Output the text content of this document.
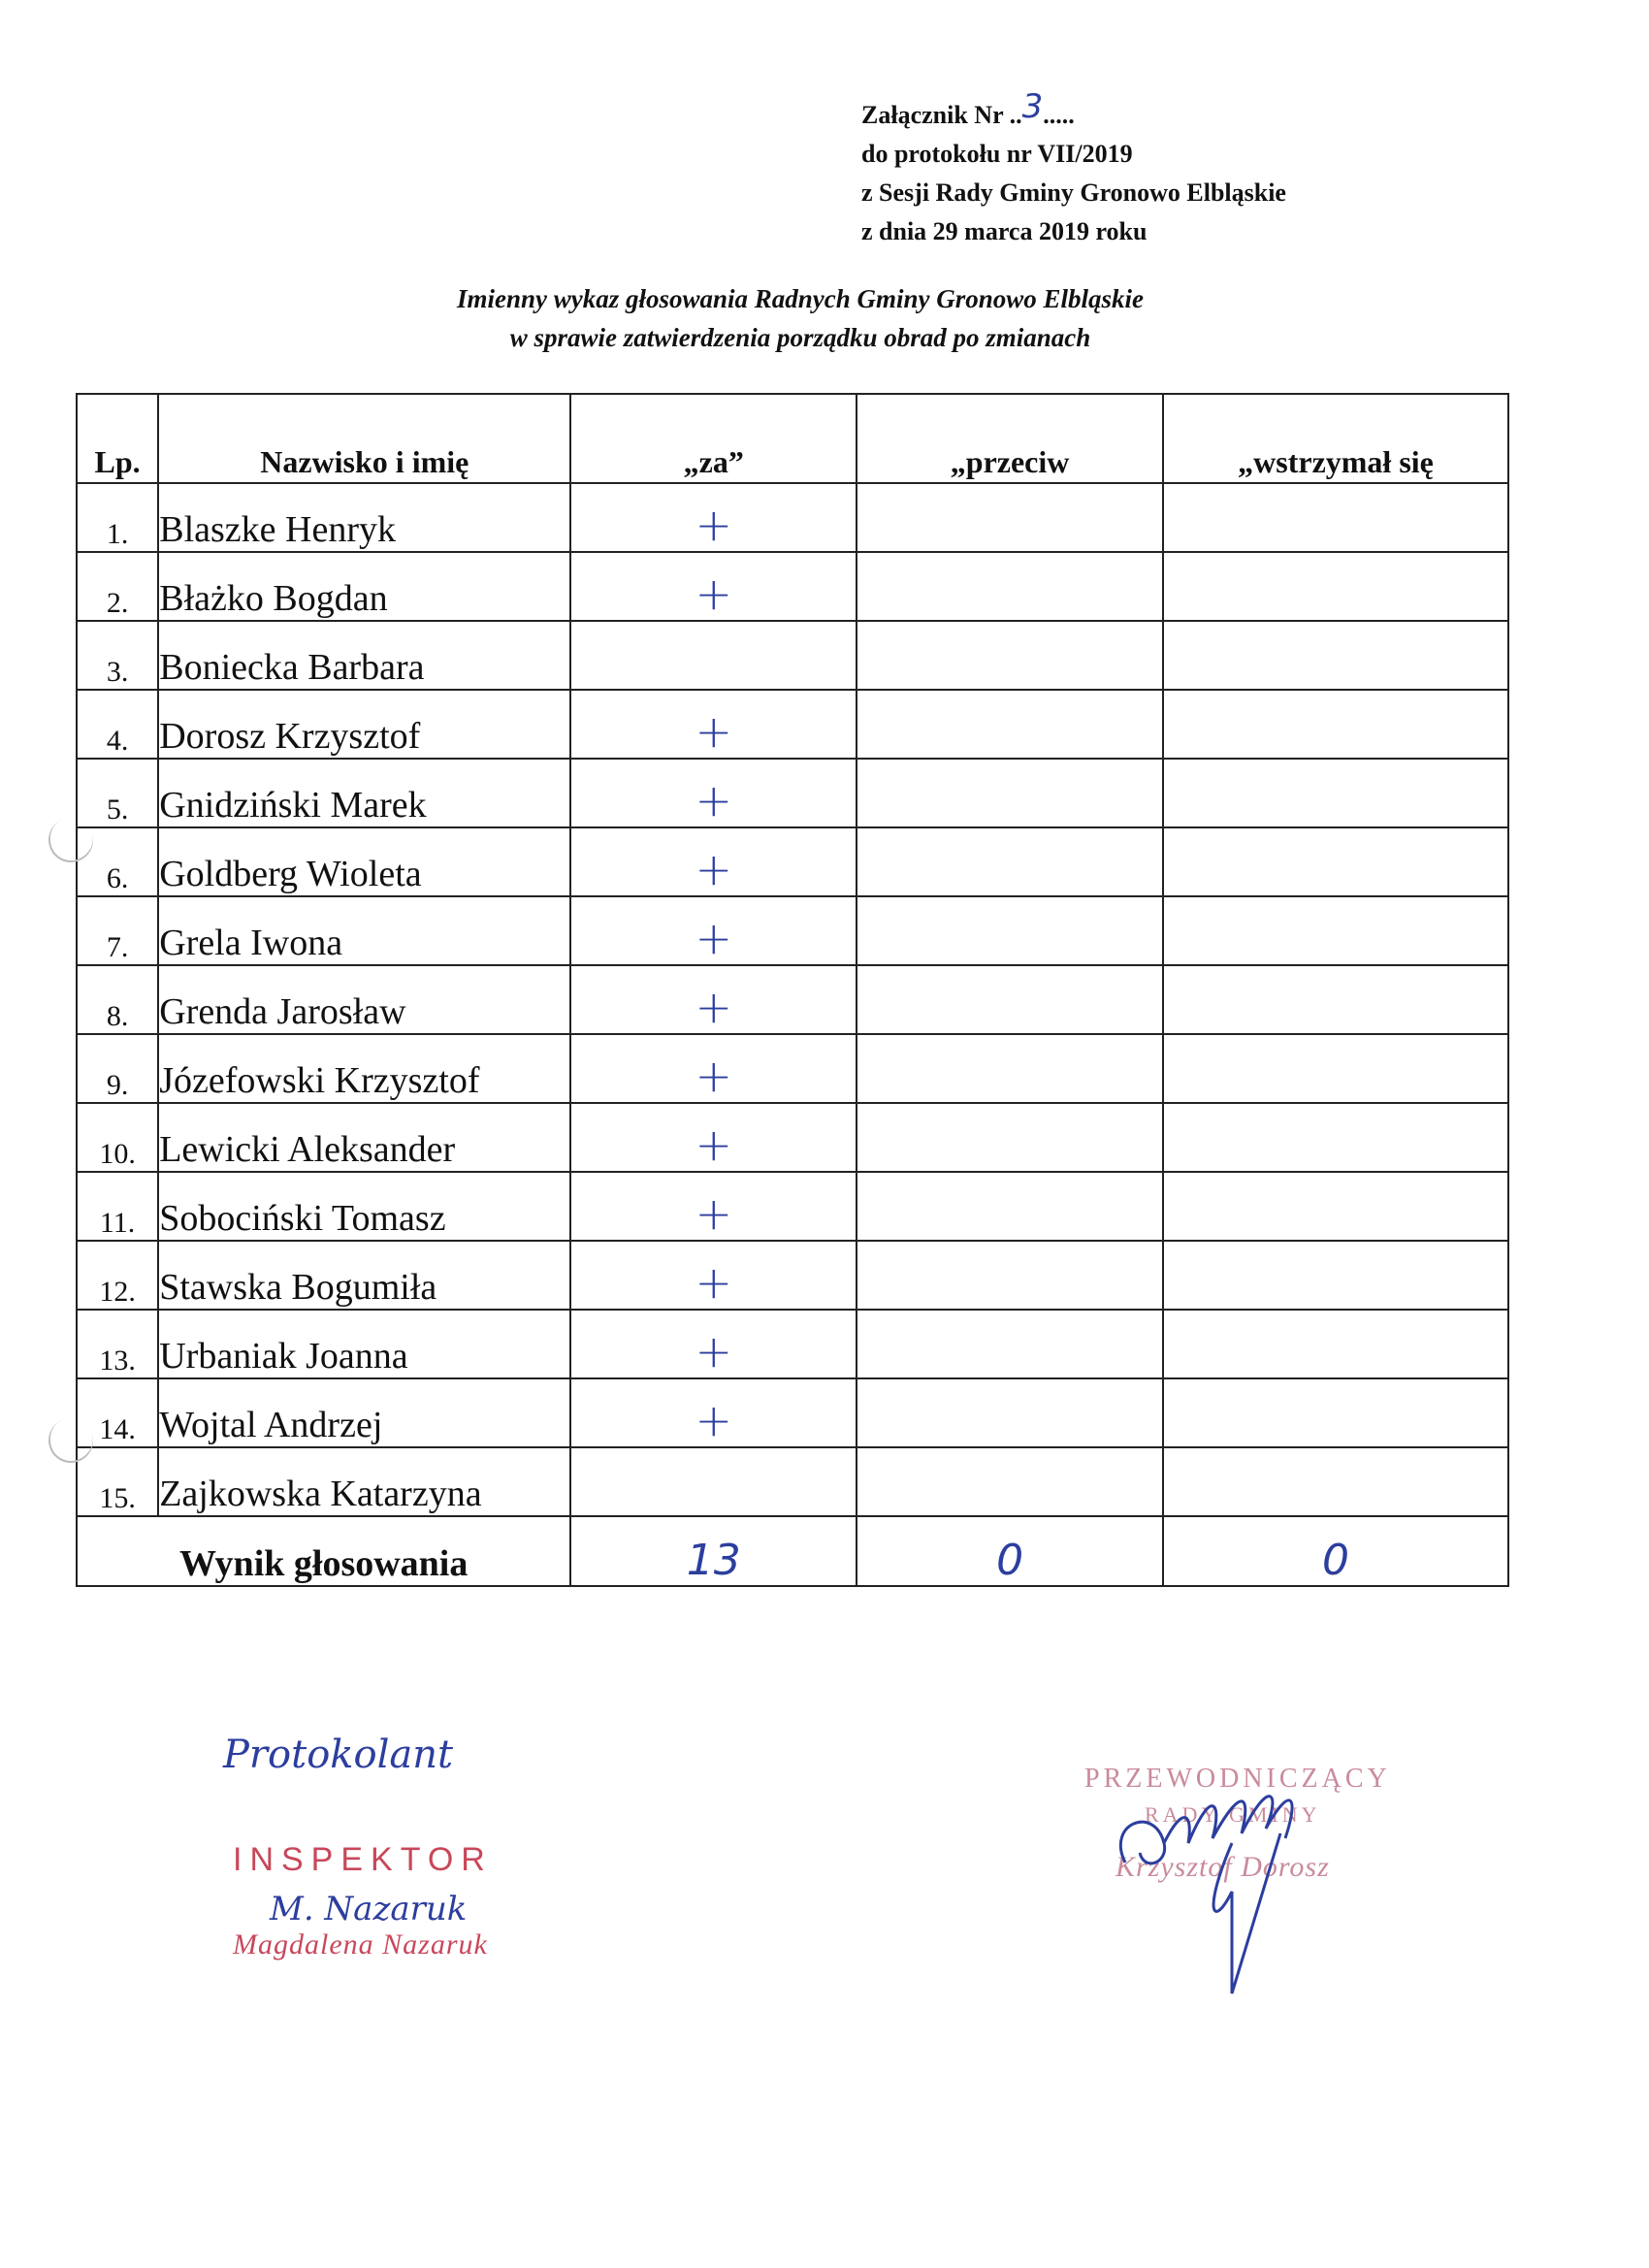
Załącznik Nr ..3.....
do protokołu nr VII/2019
z Sesji Rady Gminy Gronowo Elbląskie
z dnia 29 marca 2019 roku
Imienny wykaz głosowania Radnych Gminy Gronowo Elbląskie
w sprawie zatwierdzenia porządku obrad po zmianach
Lp.	Nazwisko i imię	„za”	„przeciw	„wstrzymał się
1.	Blaszke Henryk	+		
2.	Błażko Bogdan	+		
3.	Boniecka Barbara			
4.	Dorosz Krzysztof	+		
5.	Gnidziński Marek	+		
6.	Goldberg Wioleta	+		
7.	Grela Iwona	+		
8.	Grenda Jarosław	+		
9.	Józefowski Krzysztof	+		
10.	Lewicki Aleksander	+		
11.	Sobociński Tomasz	+		
12.	Stawska Bogumiła	+		
13.	Urbaniak Joanna	+		
14.	Wojtal Andrzej	+		
15.	Zajkowska Katarzyna			
Wynik głosowania		13	0	0
Protokolant
INSPEKTOR
M. Nazaruk
Magdalena Nazaruk
PRZEWODNICZĄCY
RADY GMINY
Krzysztof Dorosz
